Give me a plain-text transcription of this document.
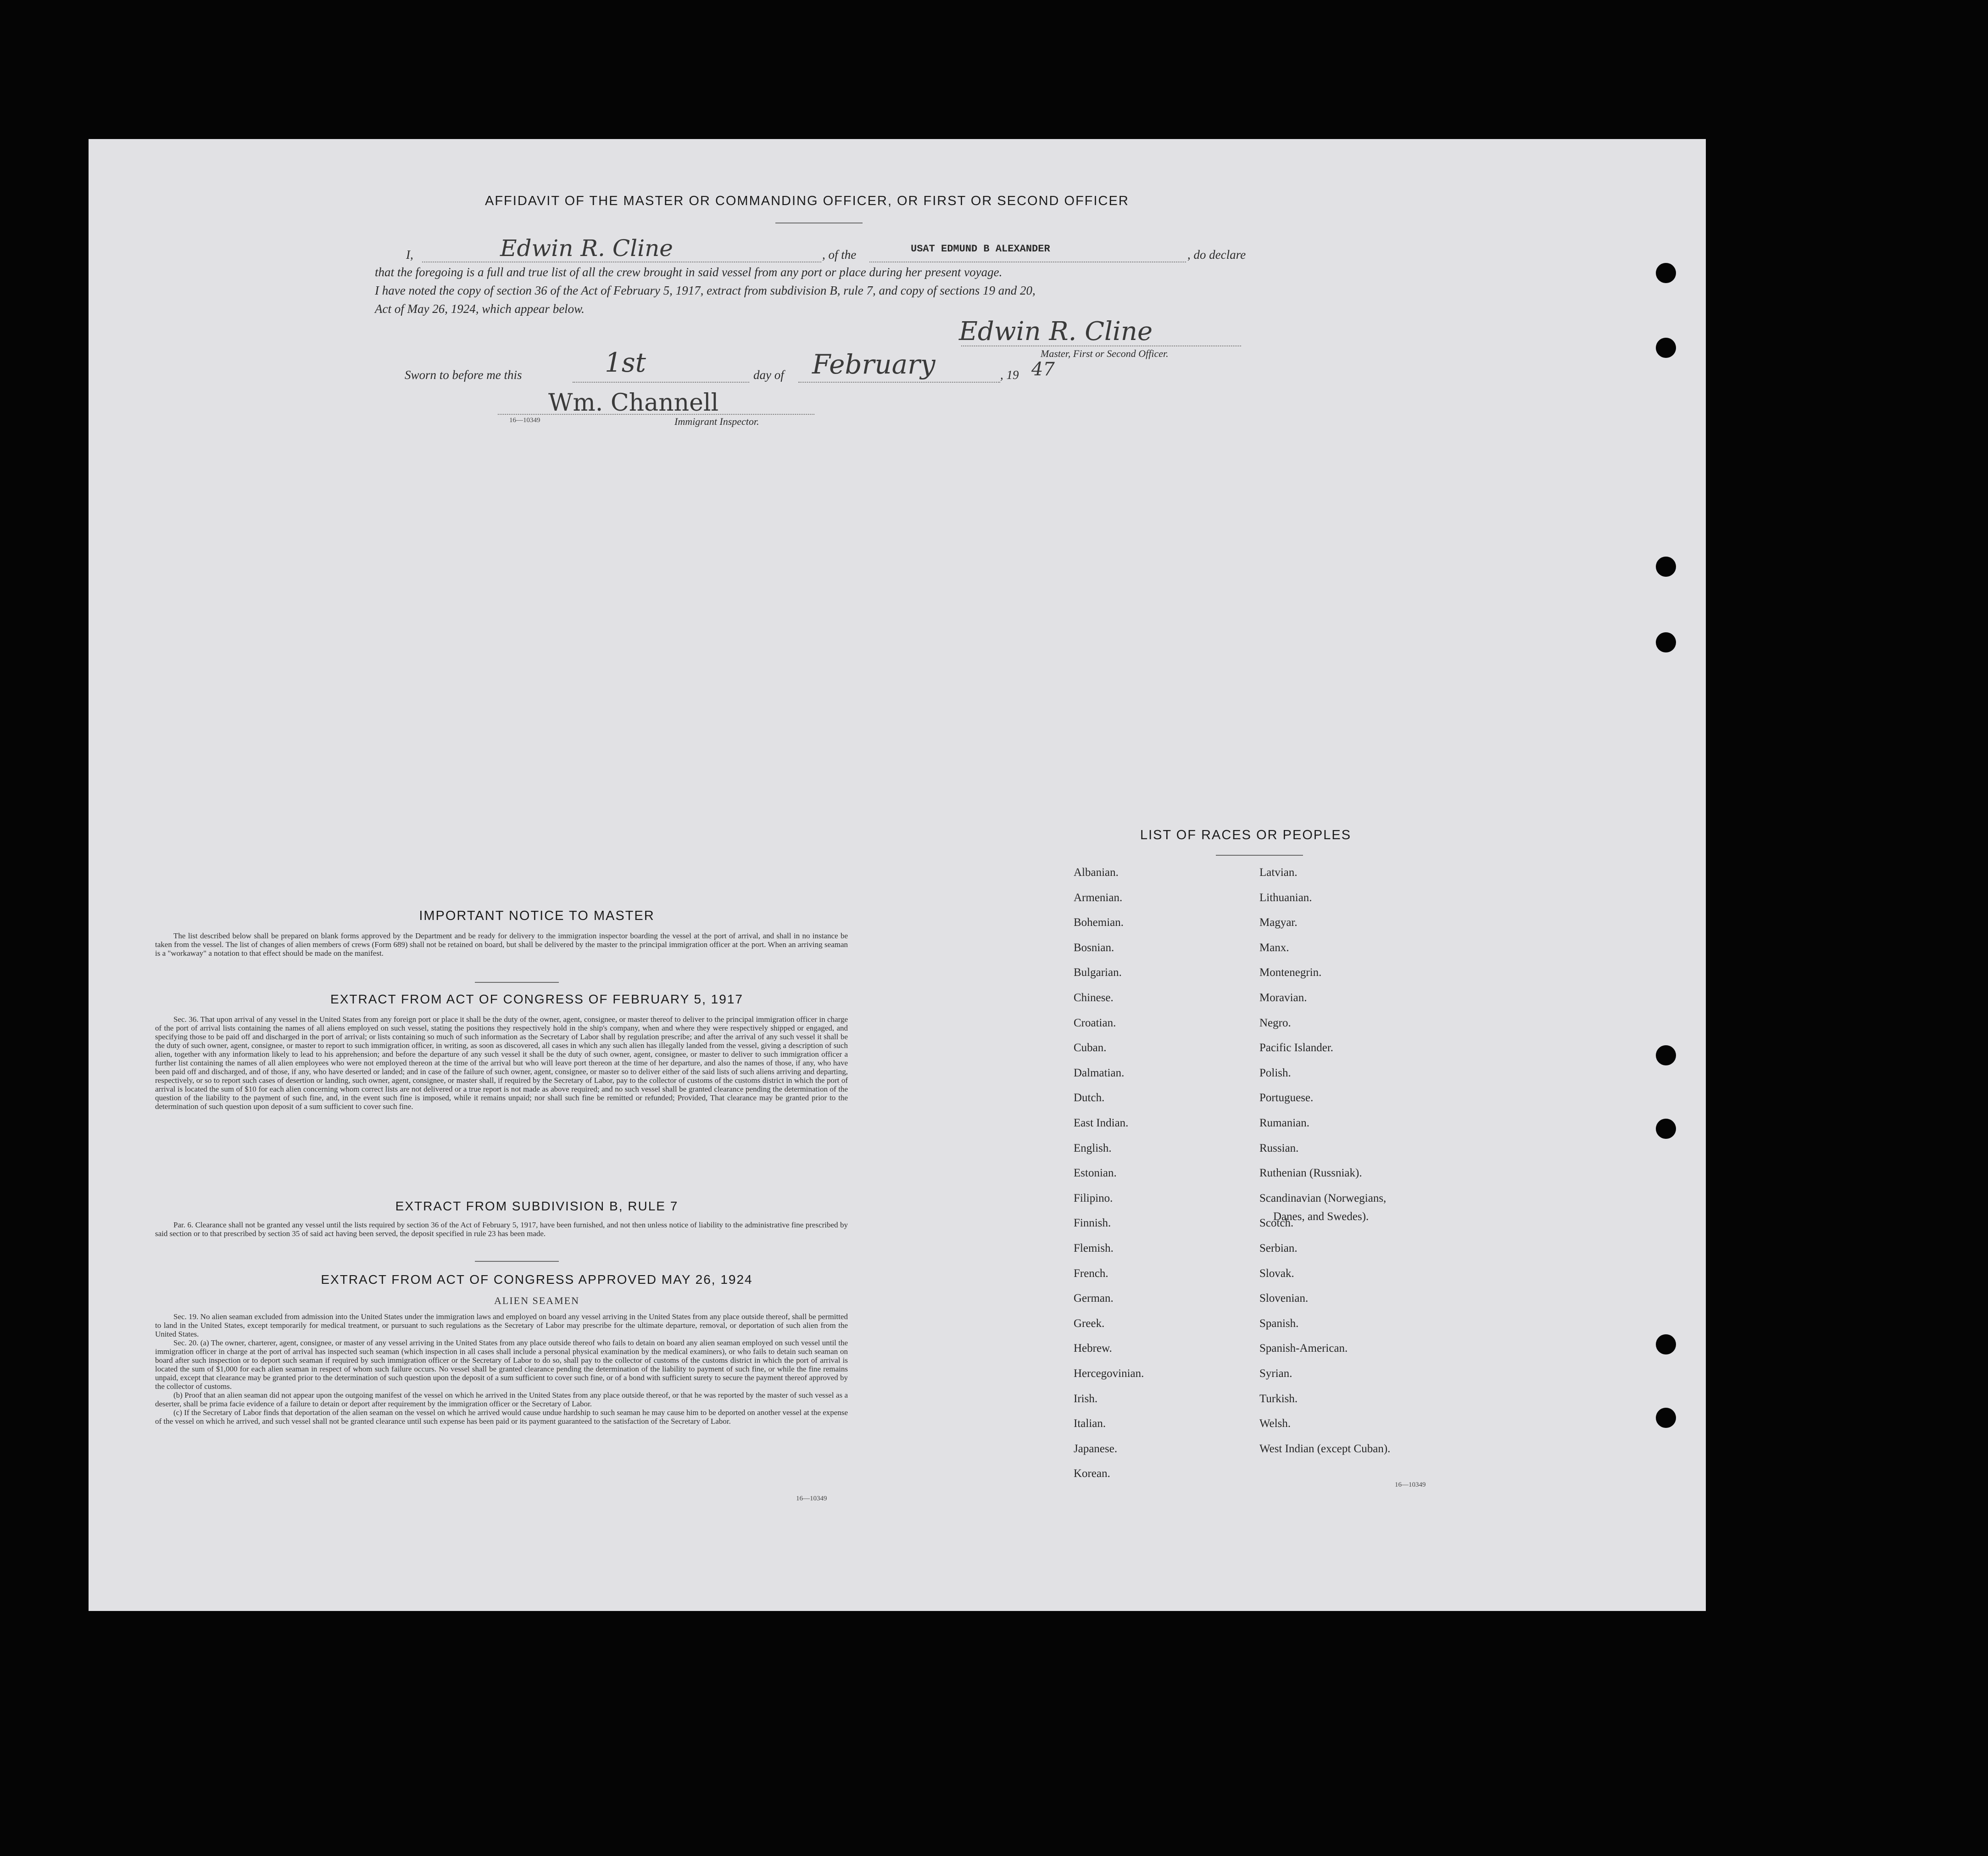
AFFIDAVIT OF THE MASTER OR COMMANDING OFFICER, OR FIRST OR SECOND OFFICER
I,	Edwin R. Cline	, of the	USAT EDMUND B ALEXANDER	, do declare
that the foregoing is a full and true list of all the crew brought in said vessel from any port or place during her present voyage.
I have noted the copy of section 36 of the Act of February 5, 1917, extract from subdivision B, rule 7, and copy of sections 19 and 20,
Act of May 26, 1924, which appear below.
Edwin R. Cline
Master, First or Second Officer.
Sworn to before me this	1st	day of February	, 19 47
Wm. Channell
16—10349	Immigrant Inspector.
IMPORTANT NOTICE TO MASTER

The list described below shall be prepared on blank forms approved by the Department and be ready for delivery to the immigration inspector boarding the vessel at the port of arrival, and shall in no instance be taken from the vessel. The list of changes of alien members of crews (Form 689) shall not be retained on board, but shall be delivered by the master to the principal immigration officer at the port. When an arriving seaman is a "workaway" a notation to that effect should be made on the manifest.

EXTRACT FROM ACT OF CONGRESS OF FEBRUARY 5, 1917

Sec. 36. That upon arrival of any vessel in the United States from any foreign port or place it shall be the duty of the owner, agent, consignee, or master thereof to deliver to the principal immigration officer in charge of the port of arrival lists containing the names of all aliens employed on such vessel, stating the positions they respectively hold in the ship's company, when and where they were respectively shipped or engaged, and specifying those to be paid off and discharged in the port of arrival; or lists containing so much of such information as the Secretary of Labor shall by regulation prescribe; and after the arrival of any such vessel it shall be the duty of such owner, agent, consignee, or master to report to such immigration officer, in writing, as soon as discovered, all cases in which any such alien has illegally landed from the vessel, giving a description of such alien, together with any information likely to lead to his apprehension; and before the departure of any such vessel it shall be the duty of such owner, agent, consignee, or master to deliver to such immigration officer a further list containing the names of all alien employees who were not employed thereon at the time of the arrival but who will leave port thereon at the time of her departure, and also the names of those, if any, who have been paid off and discharged, and of those, if any, who have deserted or landed; and in case of the failure of such owner, agent, consignee, or master so to deliver either of the said lists of such aliens arriving and departing, respectively, or so to report such cases of desertion or landing, such owner, agent, consignee, or master shall, if required by the Secretary of Labor, pay to the collector of customs of the customs district in which the port of arrival is located the sum of $10 for each alien concerning whom correct lists are not delivered or a true report is not made as above required; and no such vessel shall be granted clearance pending the determination of the question of the liability to the payment of such fine, and, in the event such fine is imposed, while it remains unpaid; nor shall such fine be remitted or refunded; Provided, That clearance may be granted prior to the determination of such question upon deposit of a sum sufficient to cover such fine.

EXTRACT FROM SUBDIVISION B, RULE 7

Par. 6. Clearance shall not be granted any vessel until the lists required by section 36 of the Act of February 5, 1917, have been furnished, and not then unless notice of liability to the administrative fine prescribed by said section or to that prescribed by section 35 of said act having been served, the deposit specified in rule 23 has been made.

EXTRACT FROM ACT OF CONGRESS APPROVED MAY 26, 1924
ALIEN SEAMEN

Sec. 19. No alien seaman excluded from admission into the United States under the immigration laws and employed on board any vessel arriving in the United States from any place outside thereof, shall be permitted to land in the United States, except temporarily for medical treatment, or pursuant to such regulations as the Secretary of Labor may prescribe for the ultimate departure, removal, or deportation of such alien from the United States.

Sec. 20. (a) The owner, charterer, agent, consignee, or master of any vessel arriving in the United States from any place outside thereof who fails to detain on board any alien seaman employed on such vessel until the immigration officer in charge at the port of arrival has inspected such seaman (which inspection in all cases shall include a personal physical examination by the medical examiners), or who fails to detain such seaman on board after such inspection or to deport such seaman if required by such immigration officer or the Secretary of Labor to do so, shall pay to the collector of customs of the customs district in which the port of arrival is located the sum of $1,000 for each alien seaman in respect of whom such failure occurs. No vessel shall be granted clearance pending the determination of the liability to payment of such fine, or while the fine remains unpaid, except that clearance may be granted prior to the determination of such question upon the deposit of a sum sufficient to cover such fine, or of a bond with sufficient surety to secure the payment thereof approved by the collector of customs.

(b) Proof that an alien seaman did not appear upon the outgoing manifest of the vessel on which he arrived in the United States from any place outside thereof, or that he was reported by the master of such vessel as a deserter, shall be prima facie evidence of a failure to detain or deport after requirement by the immigration officer or the Secretary of Labor.

(c) If the Secretary of Labor finds that deportation of the alien seaman on the vessel on which he arrived would cause undue hardship to such seaman he may cause him to be deported on another vessel at the expense of the vessel on which he arrived, and such vessel shall not be granted clearance until such expense has been paid or its payment guaranteed to the satisfaction of the Secretary of Labor.

16—10349
LIST OF RACES OR PEOPLES
Albanian.
Armenian.
Bohemian.
Bosnian.
Bulgarian.
Chinese.
Croatian.
Cuban.
Dalmatian.
Dutch.
East Indian.
English.
Estonian.
Filipino.
Finnish.
Flemish.
French.
German.
Greek.
Hebrew.
Hercegovinian.
Irish.
Italian.
Japanese.
Korean.
Latvian.
Lithuanian.
Magyar.
Manx.
Montenegrin.
Moravian.
Negro.
Pacific Islander.
Polish.
Portuguese.
Rumanian.
Russian.
Ruthenian (Russniak).
Scandinavian (Norwegians,
Scotch.
Serbian.
Slovak.
Slovenian.
Spanish.
Spanish-American.
Syrian.
Turkish.
Welsh.
West Indian (except Cuban).
Danes, and Swedes).
16—10349
